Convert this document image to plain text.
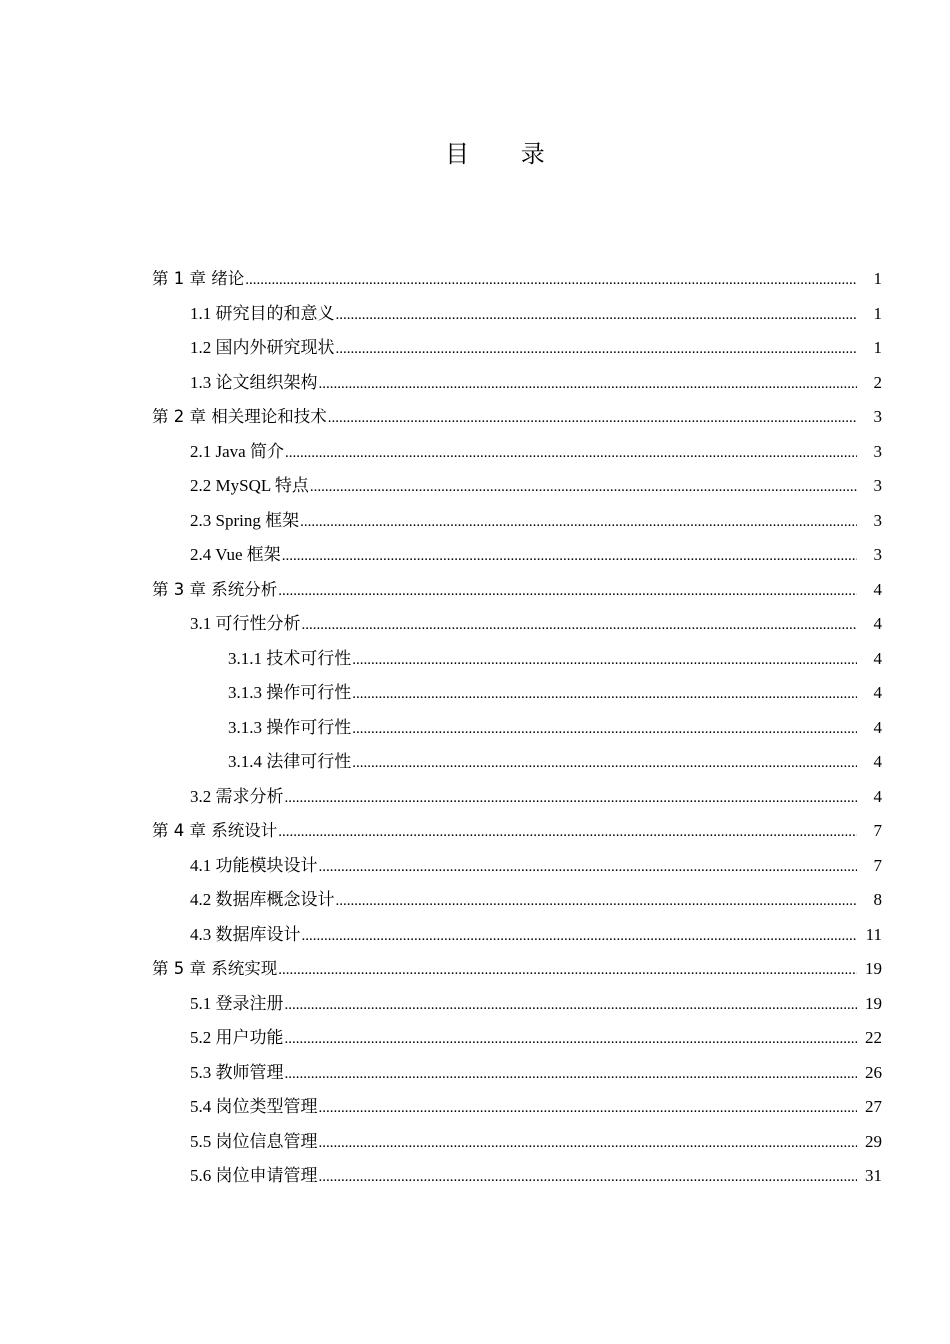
目 录
第 1 章 绪论 .....	1
1.1 研究目的和意义 .....	1
1.2 国内外研究现状 .....	1
1.3 论文组织架构 .....	2
第 2 章 相关理论和技术 .....	3
2.1 Java 简介 .....	3
2.2 MySQL 特点 .....	3
2.3 Spring 框架 .....	3
2.4 Vue 框架 .....	3
第 3 章 系统分析 .....	4
3.1 可行性分析 .....	4
3.1.1 技术可行性 .....	4
3.1.3 操作可行性 .....	4
3.1.3 操作可行性 .....	4
3.1.4 法律可行性 .....	4
3.2 需求分析 .....	4
第 4 章 系统设计 .....	7
4.1 功能模块设计 .....	7
4.2 数据库概念设计 .....	8
4.3 数据库设计 .....	11
第 5 章 系统实现 .....	19
5.1 登录注册 .....	19
5.2 用户功能 .....	22
5.3 教师管理 .....	26
5.4 岗位类型管理 .....	27
5.5 岗位信息管理 .....	29
5.6 岗位申请管理 .....	31
